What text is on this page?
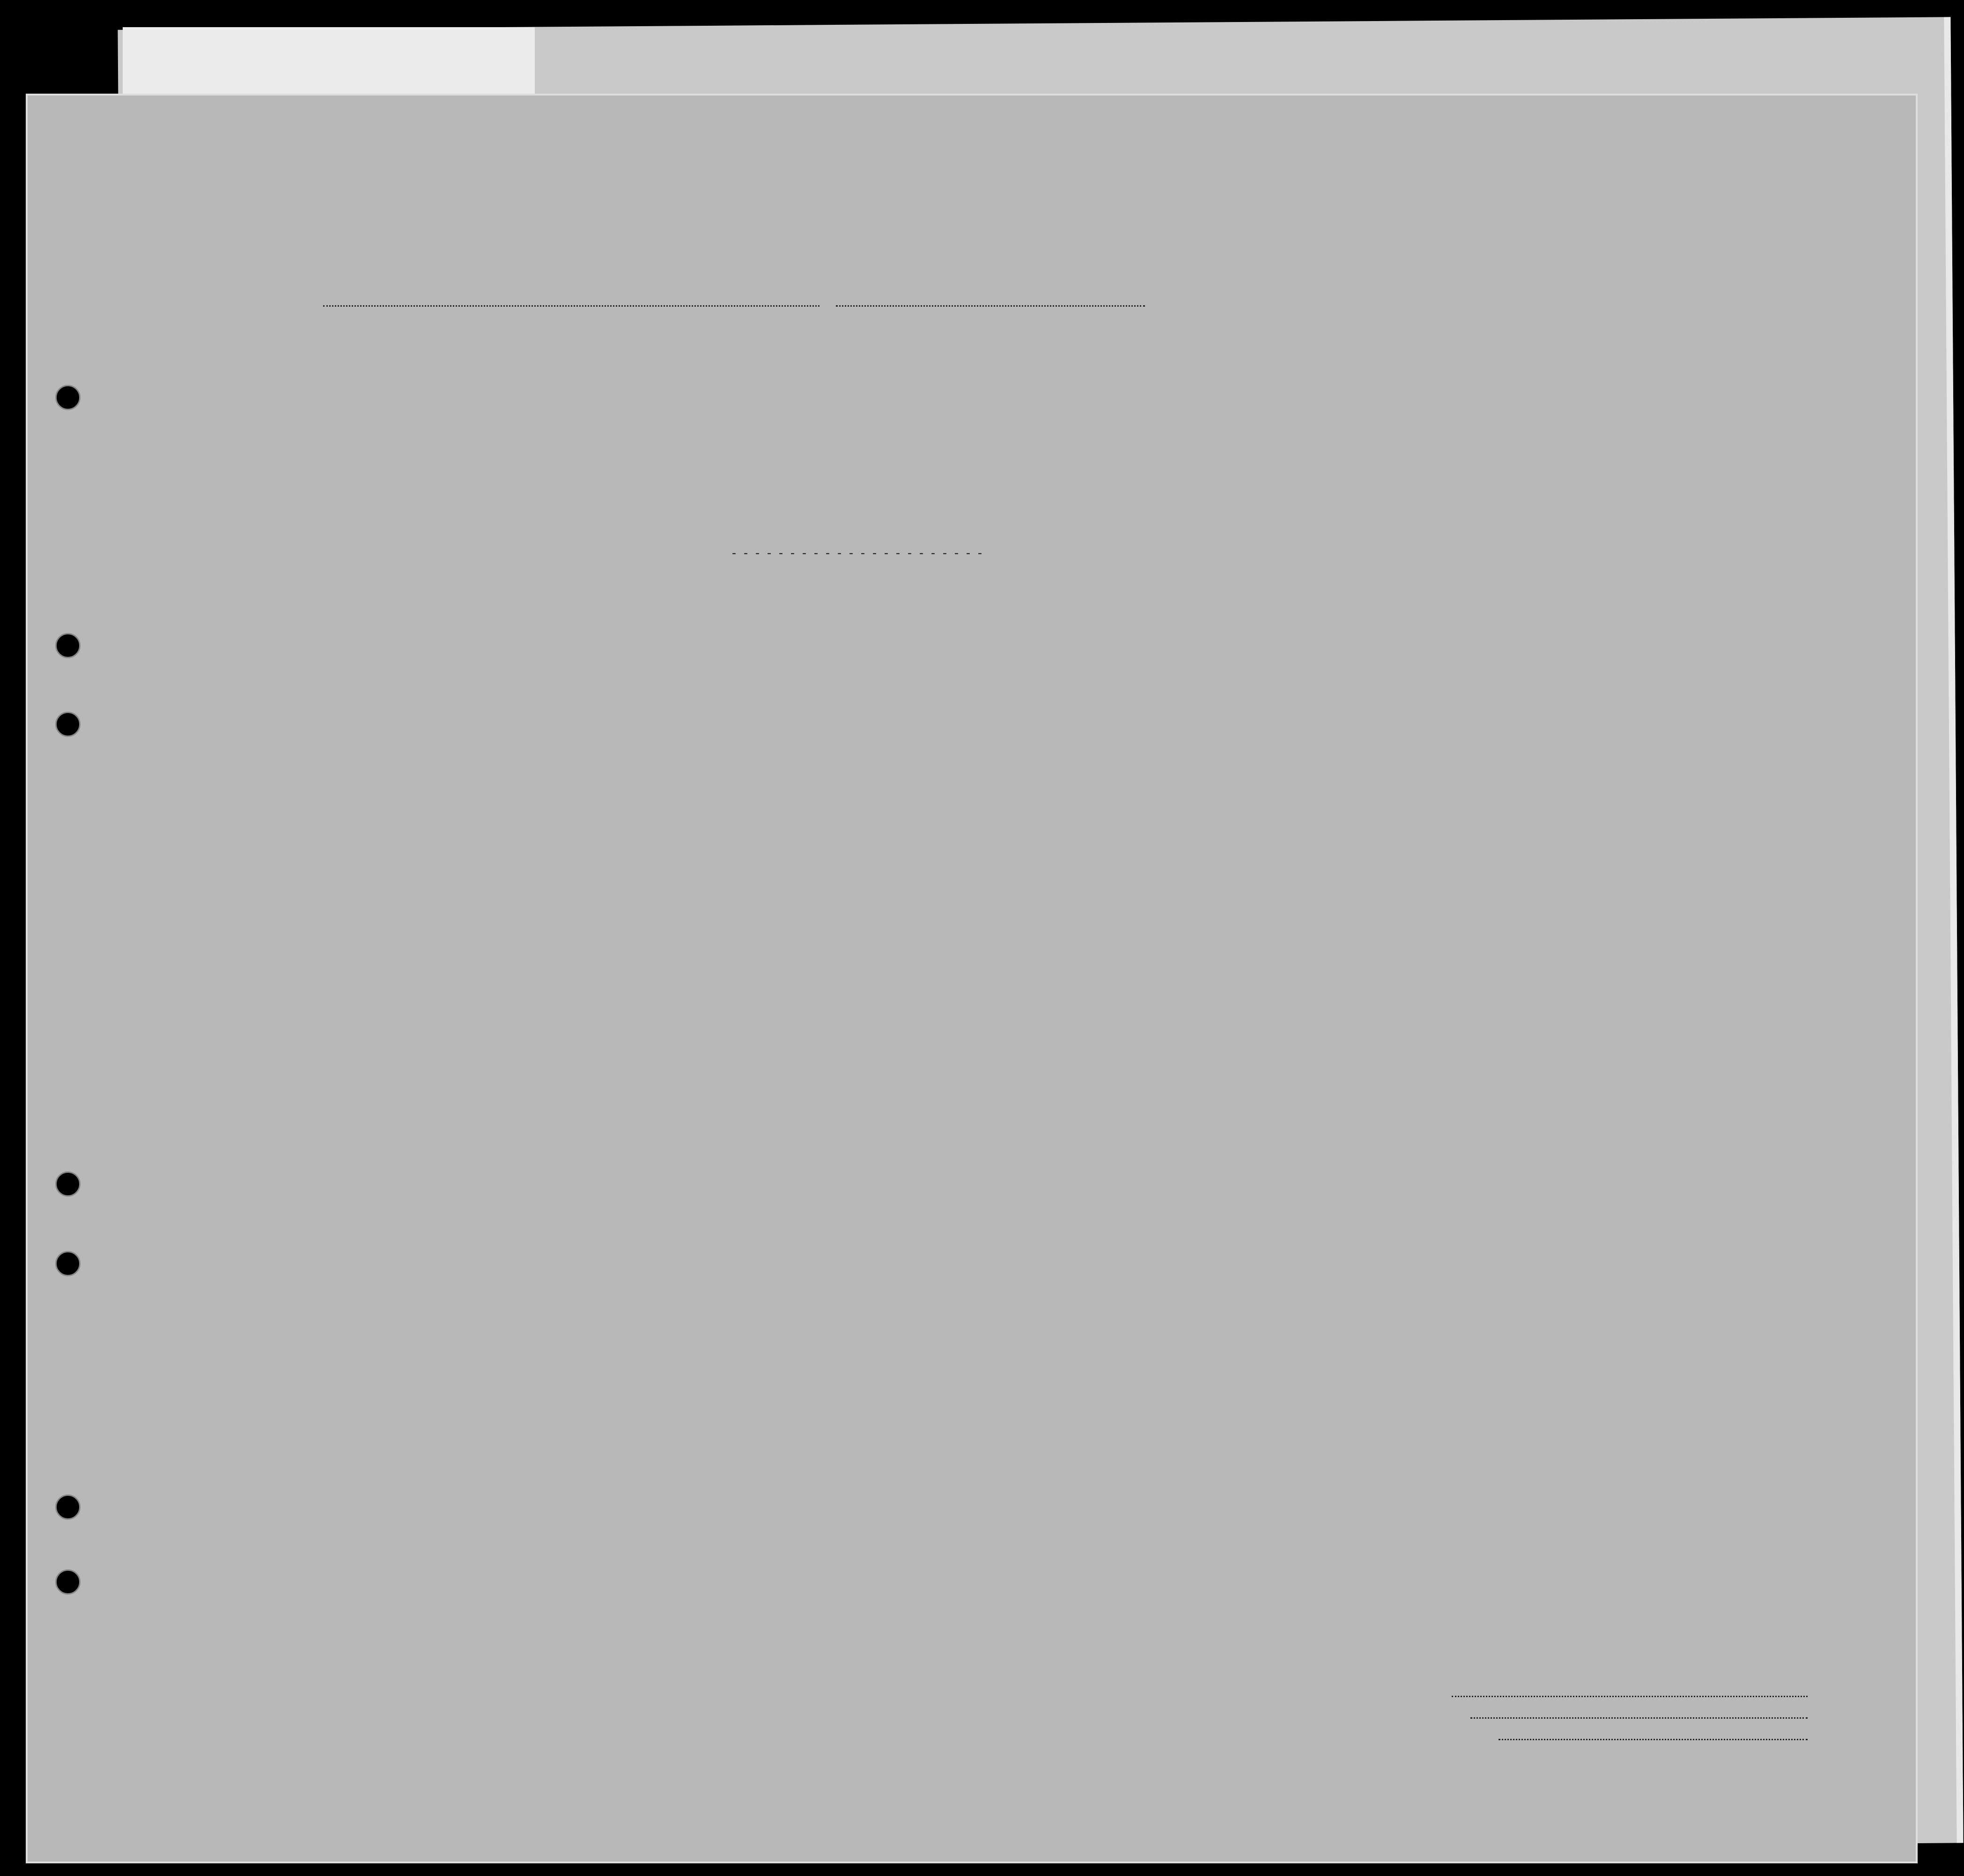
----------------------
